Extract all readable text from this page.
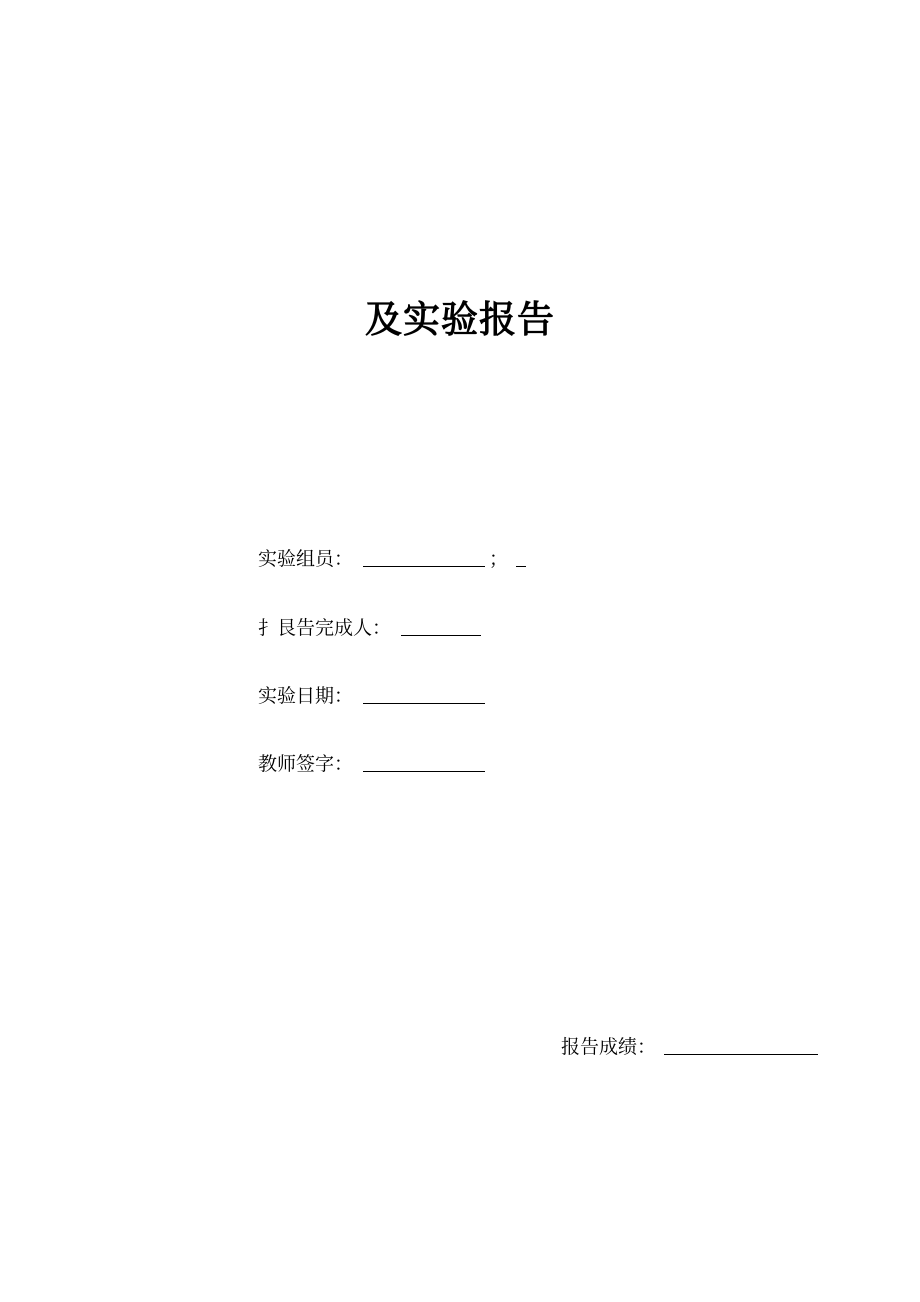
及实验报告
实验组员：	；
扌艮告完成人：
实验日期：
教师签字：
报告成绩：
